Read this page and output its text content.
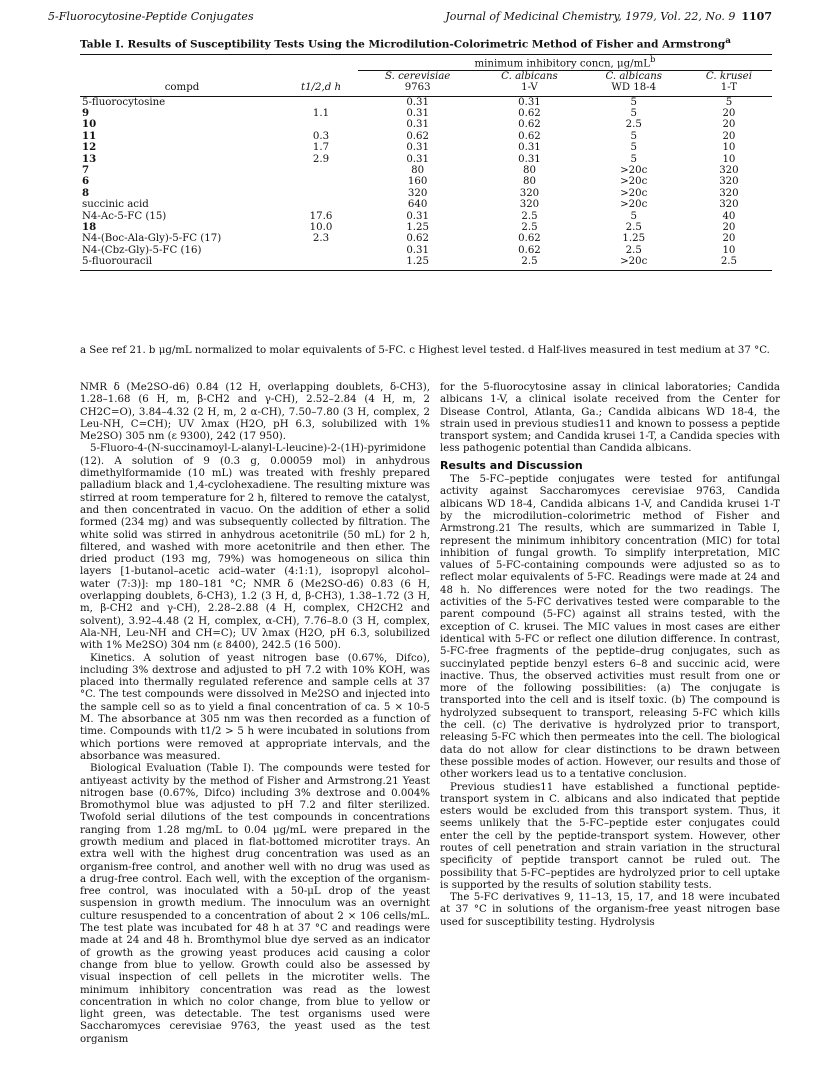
5-Fluorocytosine-Peptide Conjugates	Journal of Medicinal Chemistry, 1979, Vol. 22, No. 9 1107
Table I. Results of Susceptibility Tests Using the Microdilution-Colorimetric Method of Fisher and Armstrong$^a$
		minimum inhibitory concn, $\mu g/mL^b$
		S. cerevisiae	C. albicans	C. albicans	C. krusei
compd	t1/2,d h	9763	1-V	WD 18-4	1-T
5-fluorocytosine		0.31	0.31	5	5
9	1.1	0.31	0.62	5	20
10		0.31	0.62	2.5	20
11	0.3	0.62	0.62	5	20
12	1.7	0.31	0.31	5	10
13	2.9	0.31	0.31	5	10
7		80	80	>20c	320
6		160	80	>20c	320
8		320	320	>20c	320
succinic acid		640	320	>20c	320
N4-Ac-5-FC (15)	17.6	0.31	2.5	5	40
18	10.0	1.25	2.5	2.5	20
N4-(Boc-Ala-Gly)-5-FC (17)	2.3	0.62	0.62	1.25	20
N4-(Cbz-Gly)-5-FC (16)		0.31	0.62	2.5	10
5-fluorouracil		1.25	2.5	>20c	2.5
a See ref 21. b μg/mL normalized to molar equivalents of 5-FC. c Highest level tested. d Half-lives measured in test medium at 37 °C.

NMR δ (Me2SO-d6) 0.84 (12 H, overlapping doublets, δ-CH3), 1.28–1.68 (6 H, m, β-CH2 and γ-CH), 2.52–2.84 (4 H, m, 2 CH2C=O), 3.84–4.32 (2 H, m, 2 α-CH), 7.50–7.80 (3 H, complex, 2 Leu-NH, C=CH); UV λmax (H2O, pH 6.3, solubilized with 1% Me2SO) 305 nm (ε 9300), 242 (17 950).

5-Fluoro-4-(N-succinamoyl-L-alanyl-L-leucine)-2-(1H)-pyrimidone (12). A solution of 9 (0.3 g, 0.00059 mol) in anhydrous dimethylformamide (10 mL) was treated with freshly prepared palladium black and 1,4-cyclohexadiene. The resulting mixture was stirred at room temperature for 2 h, filtered to remove the catalyst, and then concentrated in vacuo. On the addition of ether a solid formed (234 mg) and was subsequently collected by filtration. The white solid was stirred in anhydrous acetonitrile (50 mL) for 2 h, filtered, and washed with more acetonitrile and then ether. The dried product (193 mg, 79%) was homogeneous on silica thin layers [1-butanol–acetic acid–water (4:1:1), isopropyl alcohol–water (7:3)]: mp 180–181 °C; NMR δ (Me2SO-d6) 0.83 (6 H, overlapping doublets, δ-CH3), 1.2 (3 H, d, β-CH3), 1.38–1.72 (3 H, m, β-CH2 and γ-CH), 2.28–2.88 (4 H, complex, CH2CH2 and solvent), 3.92–4.48 (2 H, complex, α-CH), 7.76–8.0 (3 H, complex, Ala-NH, Leu-NH and CH=C); UV λmax (H2O, pH 6.3, solubilized with 1% Me2SO) 304 nm (ε 8400), 242.5 (16 500).

Kinetics. A solution of yeast nitrogen base (0.67%, Difco), including 3% dextrose and adjusted to pH 7.2 with 10% KOH, was placed into thermally regulated reference and sample cells at 37 °C. The test compounds were dissolved in Me2SO and injected into the sample cell so as to yield a final concentration of ca. 5 × 10-5 M. The absorbance at 305 nm was then recorded as a function of time. Compounds with t1/2 > 5 h were incubated in solutions from which portions were removed at appropriate intervals, and the absorbance was measured.

Biological Evaluation (Table I). The compounds were tested for antiyeast activity by the method of Fisher and Armstrong.21 Yeast nitrogen base (0.67%, Difco) including 3% dextrose and 0.004% Bromothymol blue was adjusted to pH 7.2 and filter sterilized. Twofold serial dilutions of the test compounds in concentrations ranging from 1.28 mg/mL to 0.04 μg/mL were prepared in the growth medium and placed in flat-bottomed microtiter trays. An extra well with the highest drug concentration was used as an organism-free control, and another well with no drug was used as a drug-free control. Each well, with the exception of the organism-free control, was inoculated with a 50-μL drop of the yeast suspension in growth medium. The innoculum was an overnight culture resuspended to a concentration of about 2 × 106 cells/mL. The test plate was incubated for 48 h at 37 °C and readings were made at 24 and 48 h. Bromthymol blue dye served as an indicator of growth as the growing yeast produces acid causing a color change from blue to yellow. Growth could also be assessed by visual inspection of cell pellets in the microtiter wells. The minimum inhibitory concentration was read as the lowest concentration in which no color change, from blue to yellow or light green, was detectable. The test organisms used were Saccharomyces cerevisiae 9763, the yeast used as the test organism

for the 5-fluorocytosine assay in clinical laboratories; Candida albicans 1-V, a clinical isolate received from the Center for Disease Control, Atlanta, Ga.; Candida albicans WD 18-4, the strain used in previous studies11 and known to possess a peptide transport system; and Candida krusei 1-T, a Candida species with less pathogenic potential than Candida albicans.

Results and Discussion

The 5-FC–peptide conjugates were tested for antifungal activity against Saccharomyces cerevisiae 9763, Candida albicans WD 18-4, Candida albicans 1-V, and Candida krusei 1-T by the microdilution–colorimetric method of Fisher and Armstrong.21 The results, which are summarized in Table I, represent the minimum inhibitory concentration (MIC) for total inhibition of fungal growth. To simplify interpretation, MIC values of 5-FC-containing compounds were adjusted so as to reflect molar equivalents of 5-FC. Readings were made at 24 and 48 h. No differences were noted for the two readings. The activities of the 5-FC derivatives tested were comparable to the parent compound (5-FC) against all strains tested, with the exception of C. krusei. The MIC values in most cases are either identical with 5-FC or reflect one dilution difference. In contrast, 5-FC-free fragments of the peptide–drug conjugates, such as succinylated peptide benzyl esters 6–8 and succinic acid, were inactive. Thus, the observed activities must result from one or more of the following possibilities: (a) The conjugate is transported into the cell and is itself toxic. (b) The compound is hydrolyzed subsequent to transport, releasing 5-FC which kills the cell. (c) The derivative is hydrolyzed prior to transport, releasing 5-FC which then permeates into the cell. The biological data do not allow for clear distinctions to be drawn between these possible modes of action. However, our results and those of other workers lead us to a tentative conclusion.

Previous studies11 have established a functional peptide-transport system in C. albicans and also indicated that peptide esters would be excluded from this transport system. Thus, it seems unlikely that the 5-FC–peptide ester conjugates could enter the cell by the peptide-transport system. However, other routes of cell penetration and strain variation in the structural specificity of peptide transport cannot be ruled out. The possibility that 5-FC–peptides are hydrolyzed prior to cell uptake is supported by the results of solution stability tests.

The 5-FC derivatives 9, 11–13, 15, 17, and 18 were incubated at 37 °C in solutions of the organism-free yeast nitrogen base used for susceptibility testing. Hydrolysis
